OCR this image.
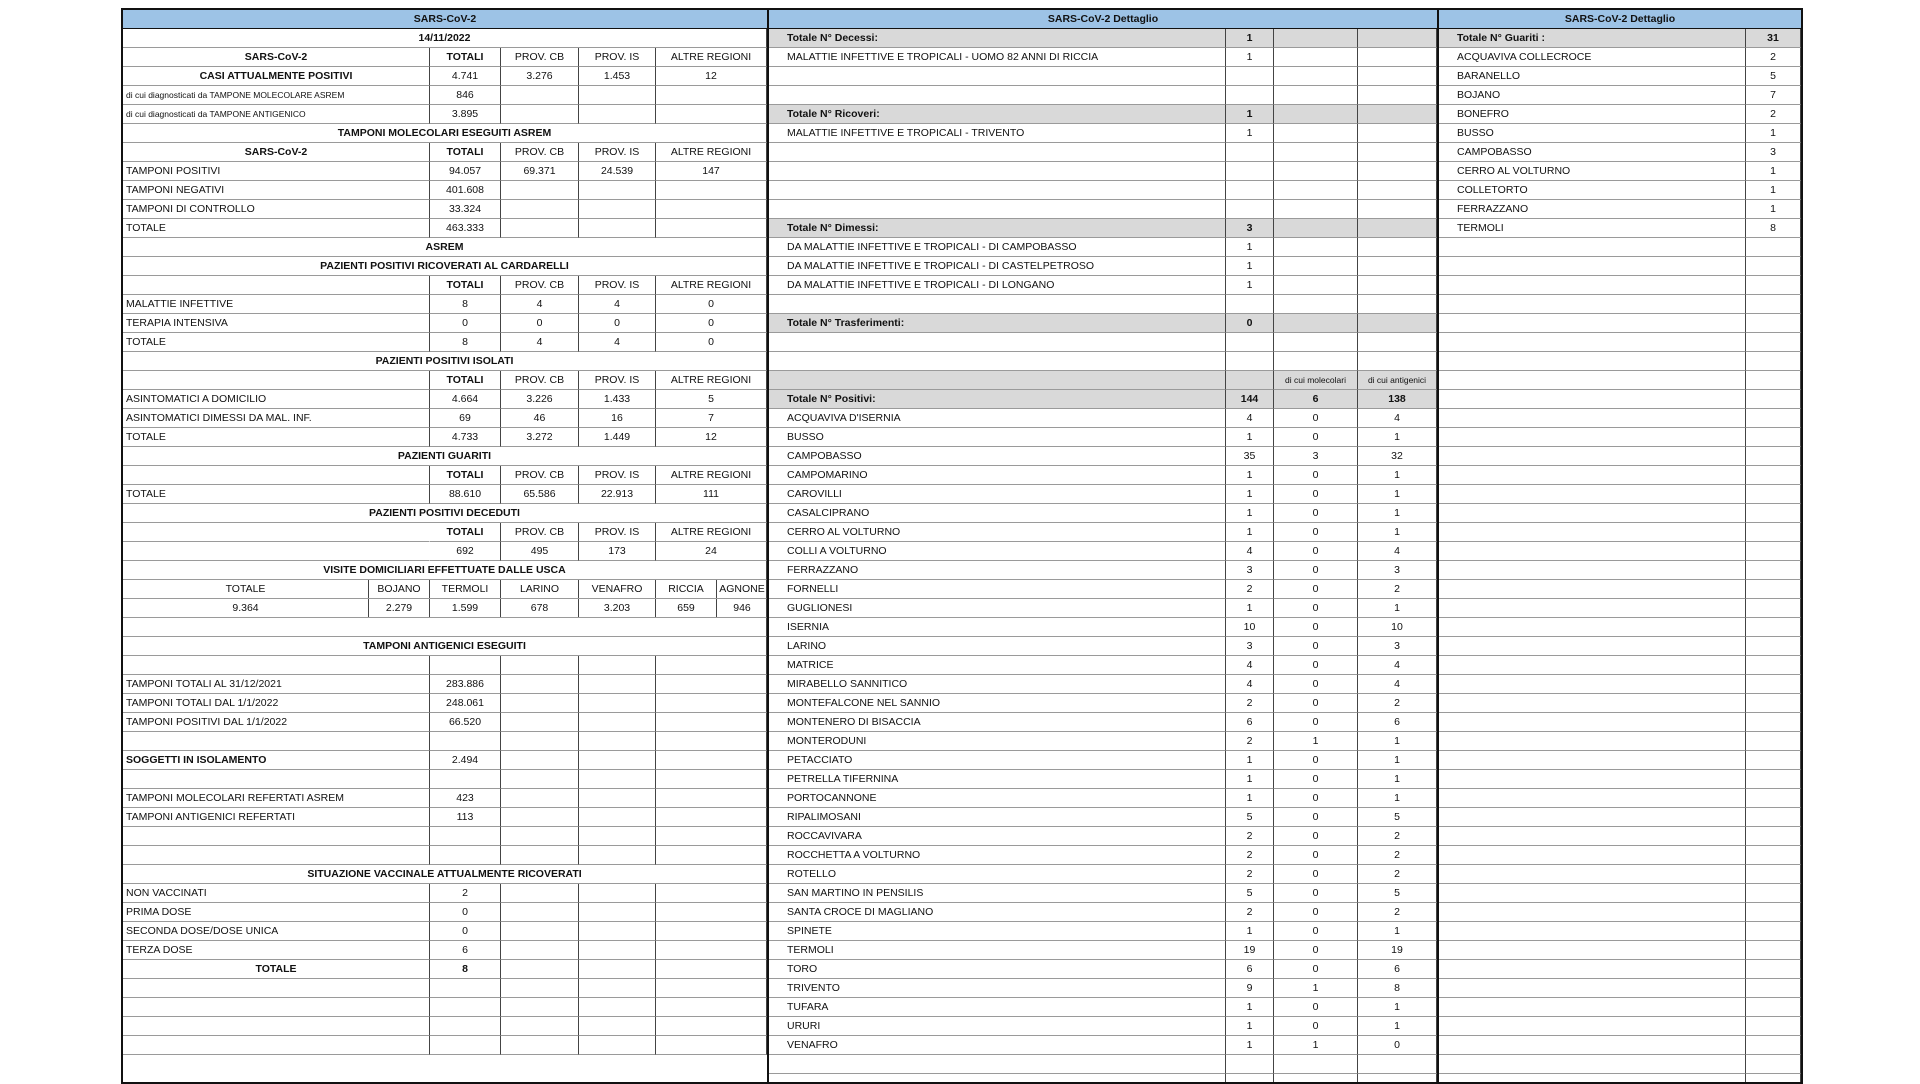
SARS-CoV-2
14/11/2022
SARS-CoV-2	TOTALI	PROV. CB	PROV. IS	ALTRE REGIONI
CASI ATTUALMENTE POSITIVI	4.741	3.276	1.453	12
di cui diagnosticati da TAMPONE MOLECOLARE ASREM	846
di cui diagnosticati da TAMPONE ANTIGENICO	3.895
TAMPONI MOLECOLARI ESEGUITI ASREM
SARS-CoV-2	TOTALI	PROV. CB	PROV. IS	ALTRE REGIONI
TAMPONI POSITIVI	94.057	69.371	24.539	147
TAMPONI NEGATIVI	401.608
TAMPONI DI CONTROLLO	33.324
TOTALE	463.333
ASREM
PAZIENTI POSITIVI RICOVERATI AL CARDARELLI
TOTALI	PROV. CB	PROV. IS	ALTRE REGIONI
MALATTIE INFETTIVE	8	4	4	0
TERAPIA INTENSIVA	0	0	0	0
TOTALE	8	4	4	0
PAZIENTI POSITIVI ISOLATI
TOTALI	PROV. CB	PROV. IS	ALTRE REGIONI
ASINTOMATICI A DOMICILIO	4.664	3.226	1.433	5
ASINTOMATICI DIMESSI DA MAL. INF.	69	46	16	7
TOTALE	4.733	3.272	1.449	12
PAZIENTI GUARITI
TOTALI	PROV. CB	PROV. IS	ALTRE REGIONI
TOTALE	88.610	65.586	22.913	111
PAZIENTI POSITIVI DECEDUTI
TOTALI	PROV. CB	PROV. IS	ALTRE REGIONI
692	495	173	24
VISITE DOMICILIARI EFFETTUATE DALLE USCA
TOTALE	BOJANO	TERMOLI	LARINO	VENAFRO	RICCIA	AGNONE
9.364	2.279	1.599	678	3.203	659	946
TAMPONI ANTIGENICI ESEGUITI
TAMPONI TOTALI AL 31/12/2021	283.886
TAMPONI TOTALI DAL 1/1/2022	248.061
TAMPONI POSITIVI DAL 1/1/2022	66.520
SOGGETTI IN ISOLAMENTO	2.494
TAMPONI MOLECOLARI REFERTATI ASREM	423
TAMPONI ANTIGENICI REFERTATI	113
SITUAZIONE VACCINALE ATTUALMENTE RICOVERATI
NON VACCINATI	2
PRIMA DOSE	0
SECONDA DOSE/DOSE UNICA	0
TERZA DOSE	6
TOTALE	8
SARS-CoV-2 Dettaglio
Totale N° Decessi:	1
MALATTIE INFETTIVE E TROPICALI - UOMO 82 ANNI DI RICCIA	1
Totale N° Ricoveri:	1
MALATTIE INFETTIVE E TROPICALI - TRIVENTO	1
Totale N° Dimessi:	3
DA MALATTIE INFETTIVE E TROPICALI - DI CAMPOBASSO	1
DA MALATTIE INFETTIVE E TROPICALI - DI CASTELPETROSO	1
DA MALATTIE INFETTIVE E TROPICALI - DI LONGANO	1
Totale N° Trasferimenti:	0
di cui molecolari	di cui antigenici
Totale N° Positivi:	144	6	138
ACQUAVIVA D'ISERNIA	4	0	4
BUSSO	1	0	1
CAMPOBASSO	35	3	32
CAMPOMARINO	1	0	1
CAROVILLI	1	0	1
CASALCIPRANO	1	0	1
CERRO AL VOLTURNO	1	0	1
COLLI A VOLTURNO	4	0	4
FERRAZZANO	3	0	3
FORNELLI	2	0	2
GUGLIONESI	1	0	1
ISERNIA	10	0	10
LARINO	3	0	3
MATRICE	4	0	4
MIRABELLO SANNITICO	4	0	4
MONTEFALCONE NEL SANNIO	2	0	2
MONTENERO DI BISACCIA	6	0	6
MONTERODUNI	2	1	1
PETACCIATO	1	0	1
PETRELLA TIFERNINA	1	0	1
PORTOCANNONE	1	0	1
RIPALIMOSANI	5	0	5
ROCCAVIVARA	2	0	2
ROCCHETTA A VOLTURNO	2	0	2
ROTELLO	2	0	2
SAN MARTINO IN PENSILIS	5	0	5
SANTA CROCE DI MAGLIANO	2	0	2
SPINETE	1	0	1
TERMOLI	19	0	19
TORO	6	0	6
TRIVENTO	9	1	8
TUFARA	1	0	1
URURI	1	0	1
VENAFRO	1	1	0
SARS-CoV-2 Dettaglio
Totale N° Guariti :	31
ACQUAVIVA COLLECROCE	2
BARANELLO	5
BOJANO	7
BONEFRO	2
BUSSO	1
CAMPOBASSO	3
CERRO AL VOLTURNO	1
COLLETORTO	1
FERRAZZANO	1
TERMOLI	8
